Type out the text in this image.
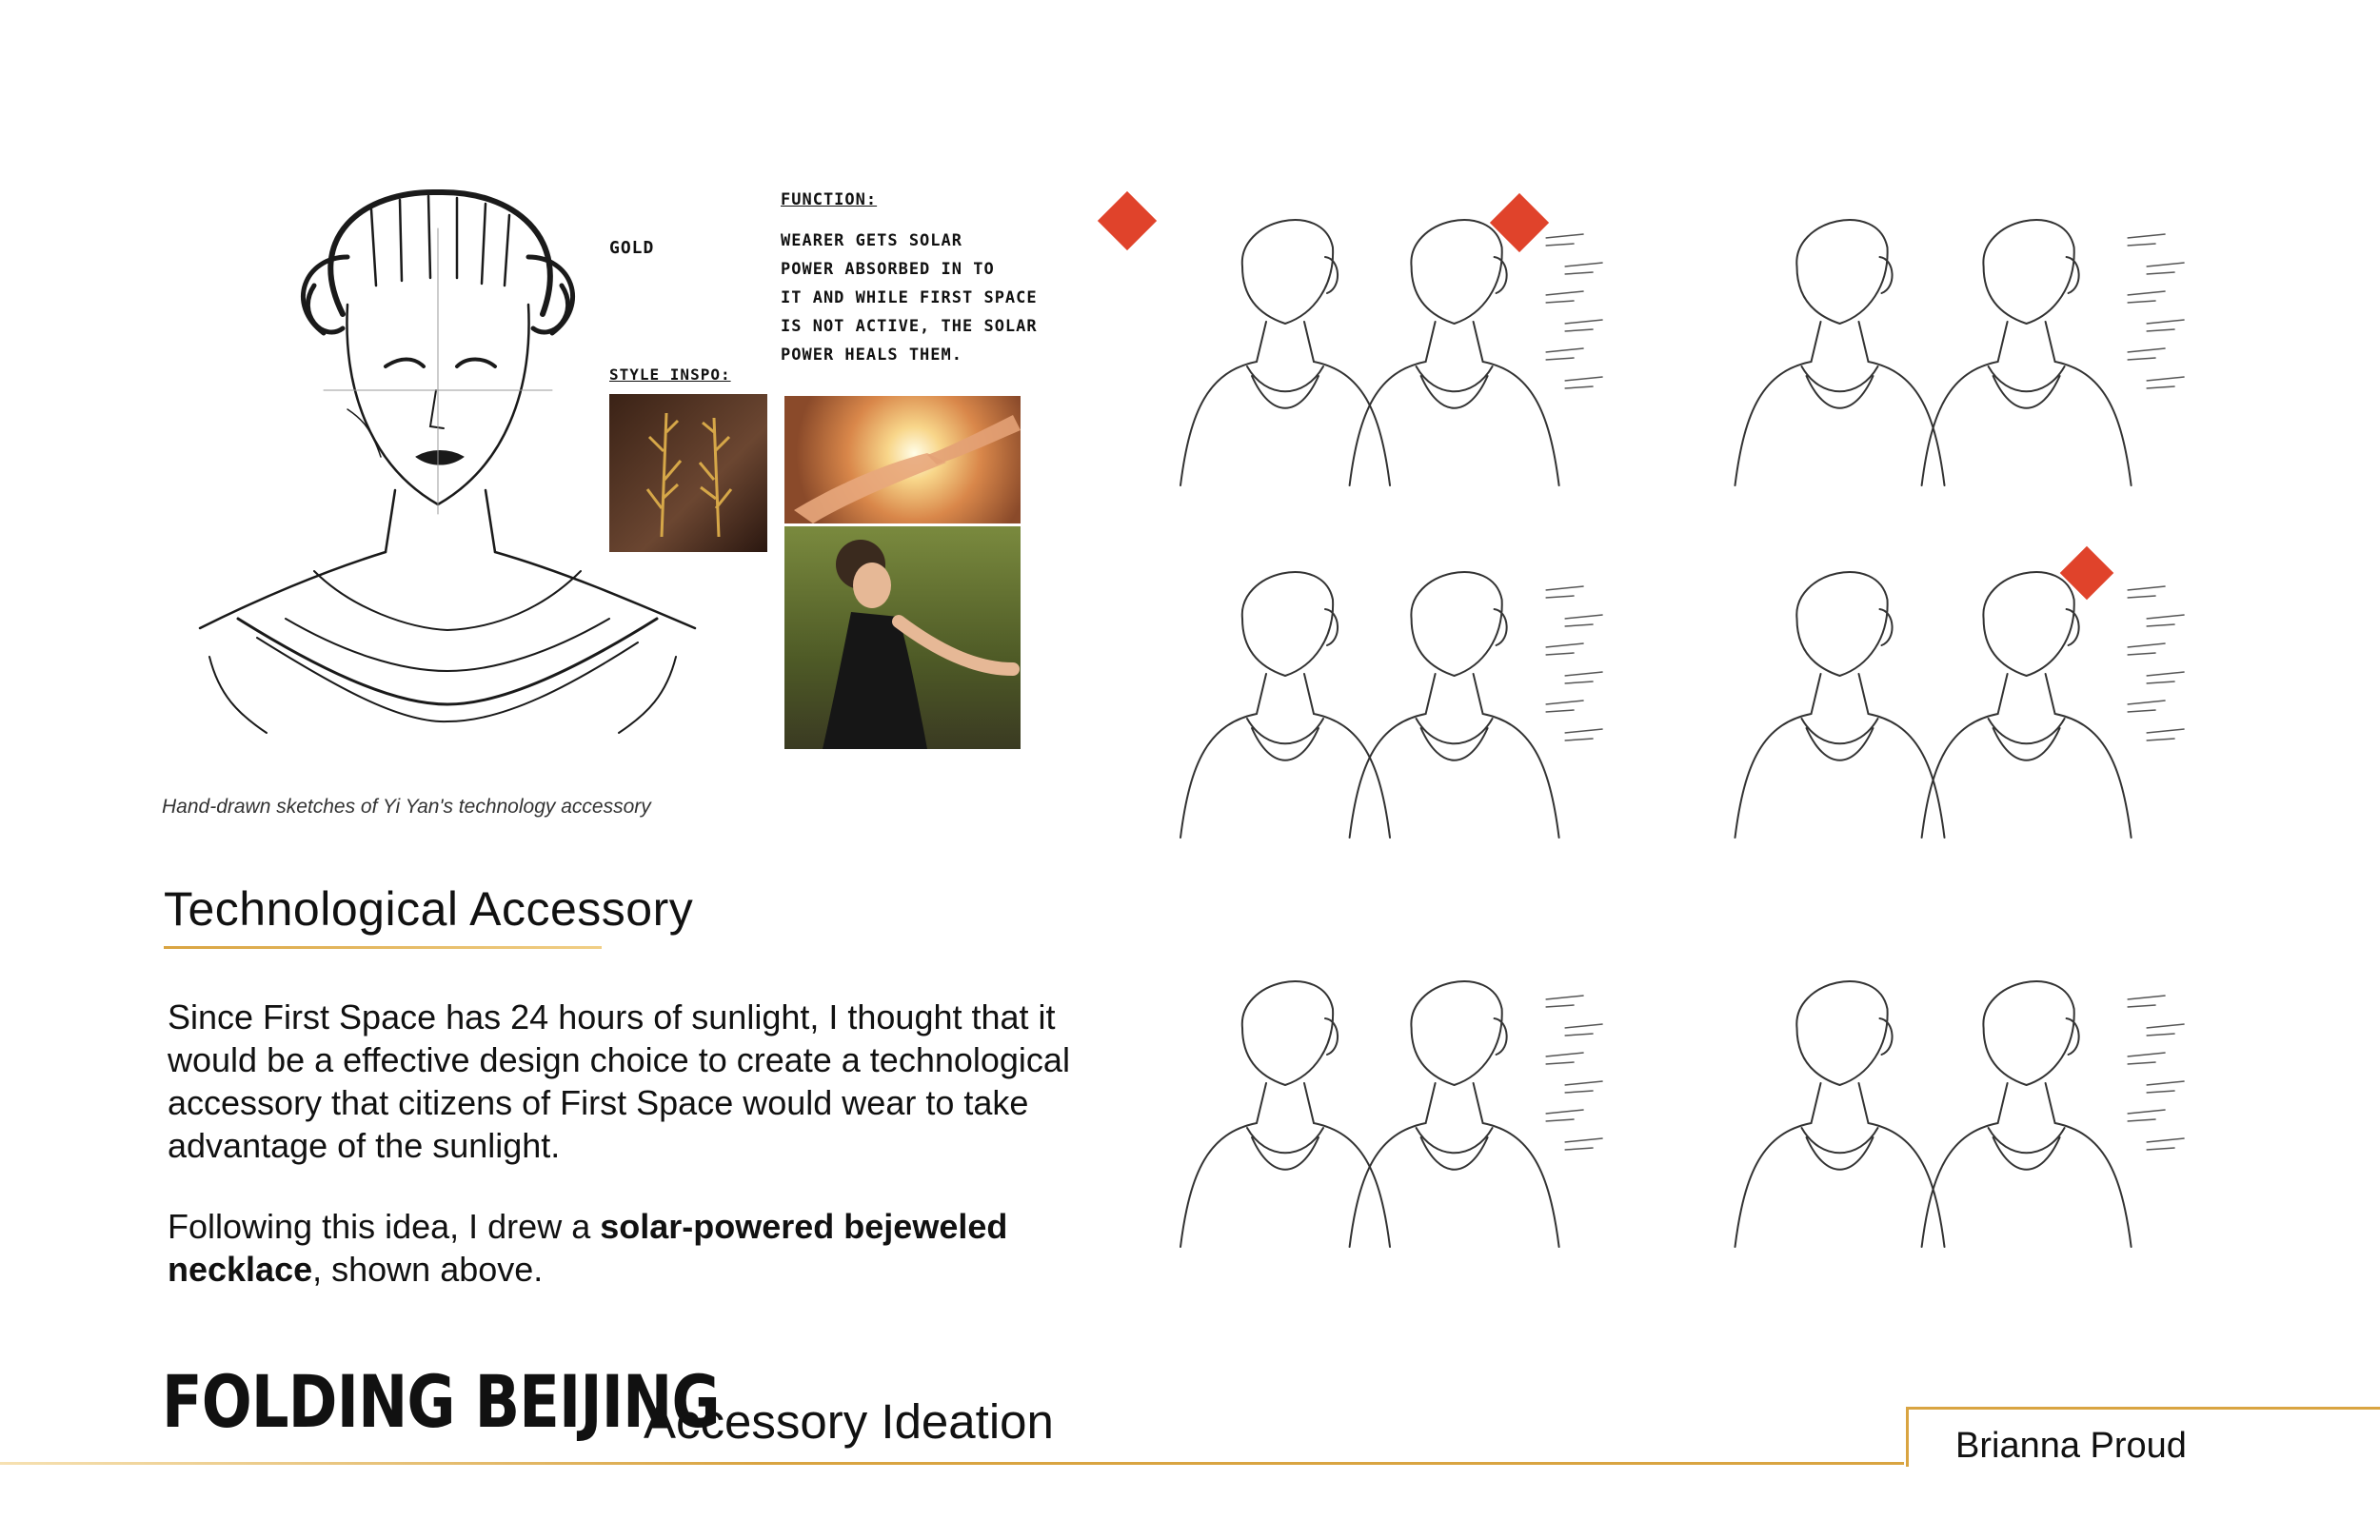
GOLD
STYLE INSPO:
FUNCTION:
WEARER GETS SOLAR
POWER ABSORBED IN TO
IT AND WHILE FIRST SPACE
IS NOT ACTIVE, THE SOLAR
POWER HEALS THEM.
Hand-drawn sketches of Yi Yan's technology accessory
Technological Accessory
Since First Space has 24 hours of sunlight, I thought that it would be a effective design choice to create a technological accessory that citizens of First Space would wear to take advantage of the sunlight.
Following this idea, I drew a solar-powered bejeweled necklace, shown above.
FOLDING BEIJING
Accessory Ideation	Brianna Proud
